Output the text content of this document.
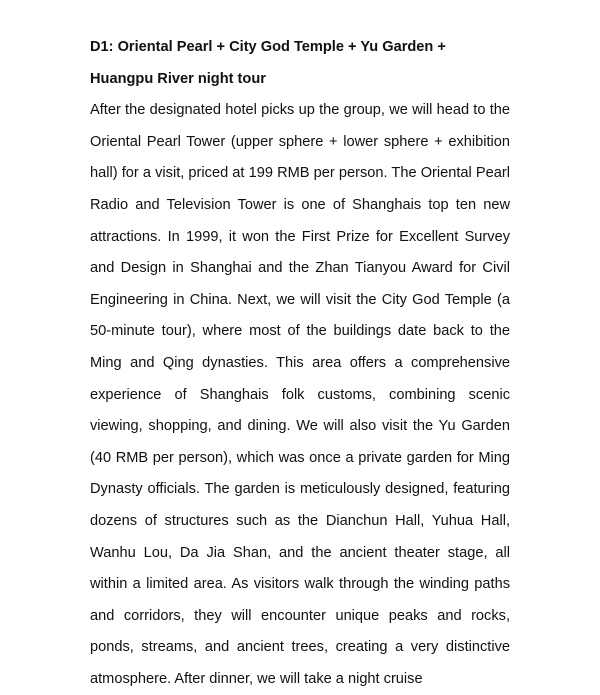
D1: Oriental Pearl + City God Temple + Yu Garden + Huangpu River night tour

After the designated hotel picks up the group, we will head to the Oriental Pearl Tower (upper sphere + lower sphere + exhibition hall) for a visit, priced at 199 RMB per person. The Oriental Pearl Radio and Television Tower is one of Shanghais top ten new attractions. In 1999, it won the First Prize for Excellent Survey and Design in Shanghai and the Zhan Tianyou Award for Civil Engineering in China. Next, we will visit the City God Temple (a 50-minute tour), where most of the buildings date back to the Ming and Qing dynasties. This area offers a comprehensive experience of Shanghais folk customs, combining scenic viewing, shopping, and dining. We will also visit the Yu Garden (40 RMB per person), which was once a private garden for Ming Dynasty officials. The garden is meticulously designed, featuring dozens of structures such as the Dianchun Hall, Yuhua Hall, Wanhu Lou, Da Jia Shan, and the ancient theater stage, all within a limited area. As visitors walk through the winding paths and corridors, they will encounter unique peaks and rocks, ponds, streams, and ancient trees, creating a very distinctive atmosphere. After dinner, we will take a night cruise
